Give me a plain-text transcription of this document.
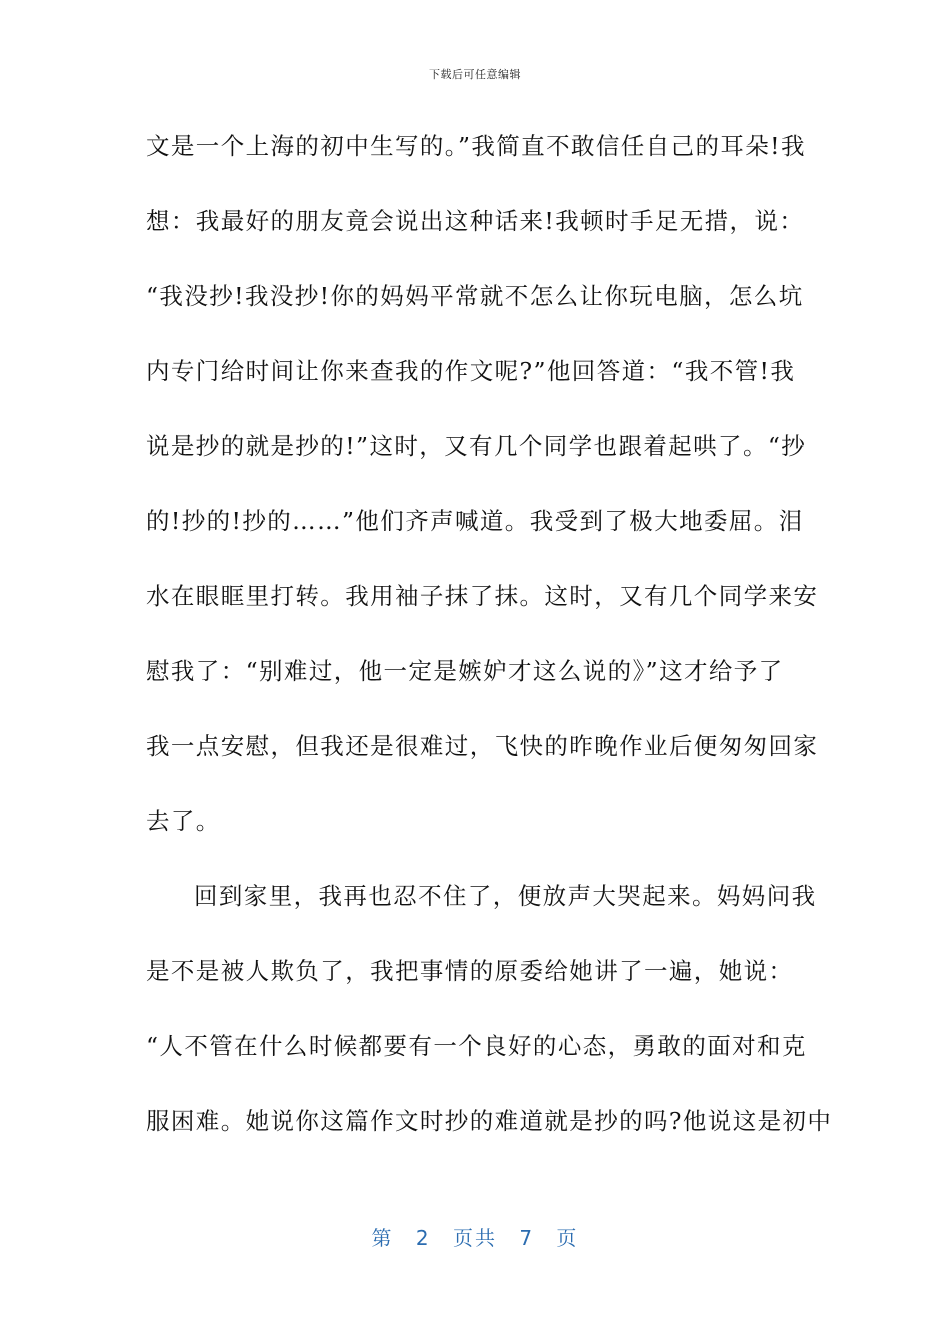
下载后可任意编辑
文是一个上海的初中生写的。”我简直不敢信任自己的耳朵!我
想：我最好的朋友竟会说出这种话来!我顿时手足无措，说：
“我没抄!我没抄!你的妈妈平常就不怎么让你玩电脑，怎么坑
内专门给时间让你来查我的作文呢?”他回答道：“我不管!我
说是抄的就是抄的!”这时，又有几个同学也跟着起哄了。“抄
的!抄的!抄的……”他们齐声喊道。我受到了极大地委屈。泪
水在眼眶里打转。我用袖子抹了抹。这时，又有几个同学来安
慰我了：“别难过，他一定是嫉妒才这么说的》”这才给予了
我一点安慰，但我还是很难过，飞快的昨晚作业后便匆匆回家
去了。
回到家里，我再也忍不住了，便放声大哭起来。妈妈问我
是不是被人欺负了，我把事情的原委给她讲了一遍，她说：
“人不管在什么时候都要有一个良好的心态，勇敢的面对和克
服困难。她说你这篇作文时抄的难道就是抄的吗?他说这是初中
第 2 页共 7 页
